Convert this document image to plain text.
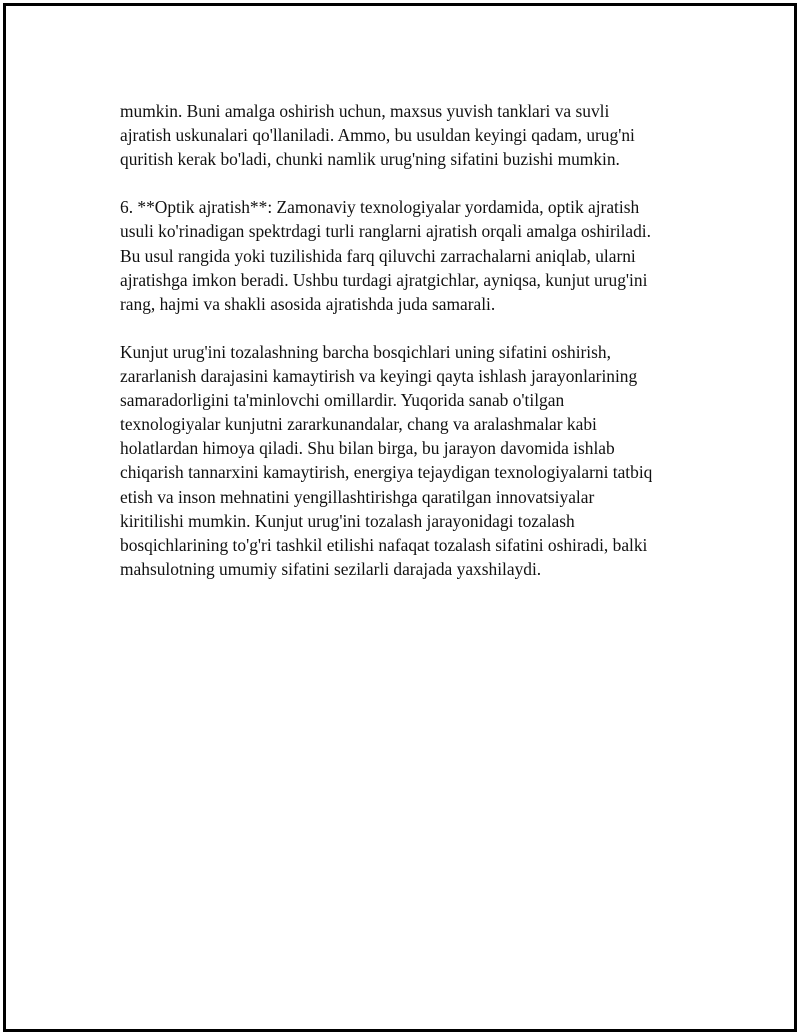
mumkin. Buni amalga oshirish uchun, maxsus yuvish tanklari va suvli
ajratish uskunalari qo'llaniladi. Ammo, bu usuldan keyingi qadam, urug'ni
quritish kerak bo'ladi, chunki namlik urug'ning sifatini buzishi mumkin.

6. **Optik ajratish**: Zamonaviy texnologiyalar yordamida, optik ajratish
usuli ko'rinadigan spektrdagi turli ranglarni ajratish orqali amalga oshiriladi.
Bu usul rangida yoki tuzilishida farq qiluvchi zarrachalarni aniqlab, ularni
ajratishga imkon beradi. Ushbu turdagi ajratgichlar, ayniqsa, kunjut urug'ini
rang, hajmi va shakli asosida ajratishda juda samarali.

Kunjut urug'ini tozalashning barcha bosqichlari uning sifatini oshirish,
zararlanish darajasini kamaytirish va keyingi qayta ishlash jarayonlarining
samaradorligini ta'minlovchi omillardir. Yuqorida sanab o'tilgan
texnologiyalar kunjutni zararkunandalar, chang va aralashmalar kabi
holatlardan himoya qiladi. Shu bilan birga, bu jarayon davomida ishlab
chiqarish tannarxini kamaytirish, energiya tejaydigan texnologiyalarni tatbiq
etish va inson mehnatini yengillashtirishga qaratilgan innovatsiyalar
kiritilishi mumkin. Kunjut urug'ini tozalash jarayonidagi tozalash
bosqichlarining to'g'ri tashkil etilishi nafaqat tozalash sifatini oshiradi, balki
mahsulotning umumiy sifatini sezilarli darajada yaxshilaydi.
